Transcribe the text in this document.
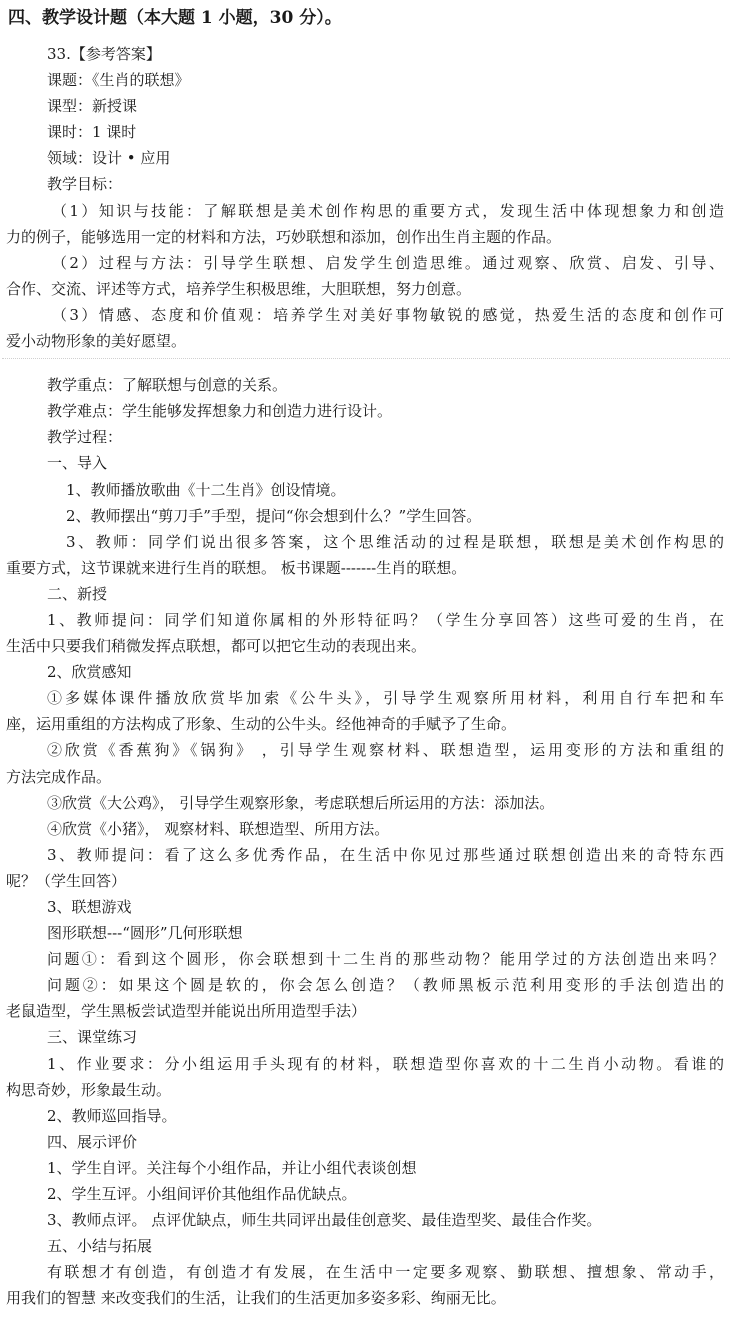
四、教学设计题（本大题 1 小题，30 分）。
33.【参考答案】
课题：《生肖的联想》
课型：新授课
课时：1 课时
领域：设计 • 应用
教学目标：
（1）知识与技能：了解联想是美术创作构思的重要方式，发现生活中体现想象力和创造
力的例子，能够选用一定的材料和方法，巧妙联想和添加，创作出生肖主题的作品。
（2）过程与方法：引导学生联想、启发学生创造思维。通过观察、欣赏、启发、引导、
合作、交流、评述等方式，培养学生积极思维，大胆联想，努力创意。
（3）情感、态度和价值观：培养学生对美好事物敏锐的感觉，热爱生活的态度和创作可
爱小动物形象的美好愿望。
教学重点：了解联想与创意的关系。
教学难点：学生能够发挥想象力和创造力进行设计。
教学过程：
一、导入
1、教师播放歌曲《十二生肖》创设情境。
2、教师摆出“剪刀手”手型，提问“你会想到什么？”学生回答。
3、教师：同学们说出很多答案，这个思维活动的过程是联想，联想是美术创作构思的
重要方式，这节课就来进行生肖的联想。 板书课题-------生肖的联想。
二、新授
1、教师提问：同学们知道你属相的外形特征吗？（学生分享回答）这些可爱的生肖，在
生活中只要我们稍微发挥点联想，都可以把它生动的表现出来。
2、欣赏感知
①多媒体课件播放欣赏毕加索《公牛头》，引导学生观察所用材料，利用自行车把和车
座，运用重组的方法构成了形象、生动的公牛头。经他神奇的手赋予了生命。
②欣赏《香蕉狗》《锅狗》 ，引导学生观察材料、联想造型，运用变形的方法和重组的
方法完成作品。
③欣赏《大公鸡》， 引导学生观察形象，考虑联想后所运用的方法：添加法。
④欣赏《小猪》， 观察材料、联想造型、所用方法。
3、教师提问：看了这么多优秀作品，在生活中你见过那些通过联想创造出来的奇特东西
呢？（学生回答）
3、联想游戏
图形联想---“圆形”几何形联想
问题①：看到这个圆形，你会联想到十二生肖的那些动物？能用学过的方法创造出来吗？
问题②：如果这个圆是软的，你会怎么创造？（教师黑板示范利用变形的手法创造出的
老鼠造型，学生黑板尝试造型并能说出所用造型手法）
三、课堂练习
1、作业要求：分小组运用手头现有的材料，联想造型你喜欢的十二生肖小动物。看谁的
构思奇妙，形象最生动。
2、教师巡回指导。
四、展示评价
1、学生自评。关注每个小组作品，并让小组代表谈创想
2、学生互评。小组间评价其他组作品优缺点。
3、教师点评。 点评优缺点，师生共同评出最佳创意奖、最佳造型奖、最佳合作奖。
五、小结与拓展
有联想才有创造，有创造才有发展，在生活中一定要多观察、勤联想、擅想象、常动手，
用我们的智慧 来改变我们的生活，让我们的生活更加多姿多彩、绚丽无比。
